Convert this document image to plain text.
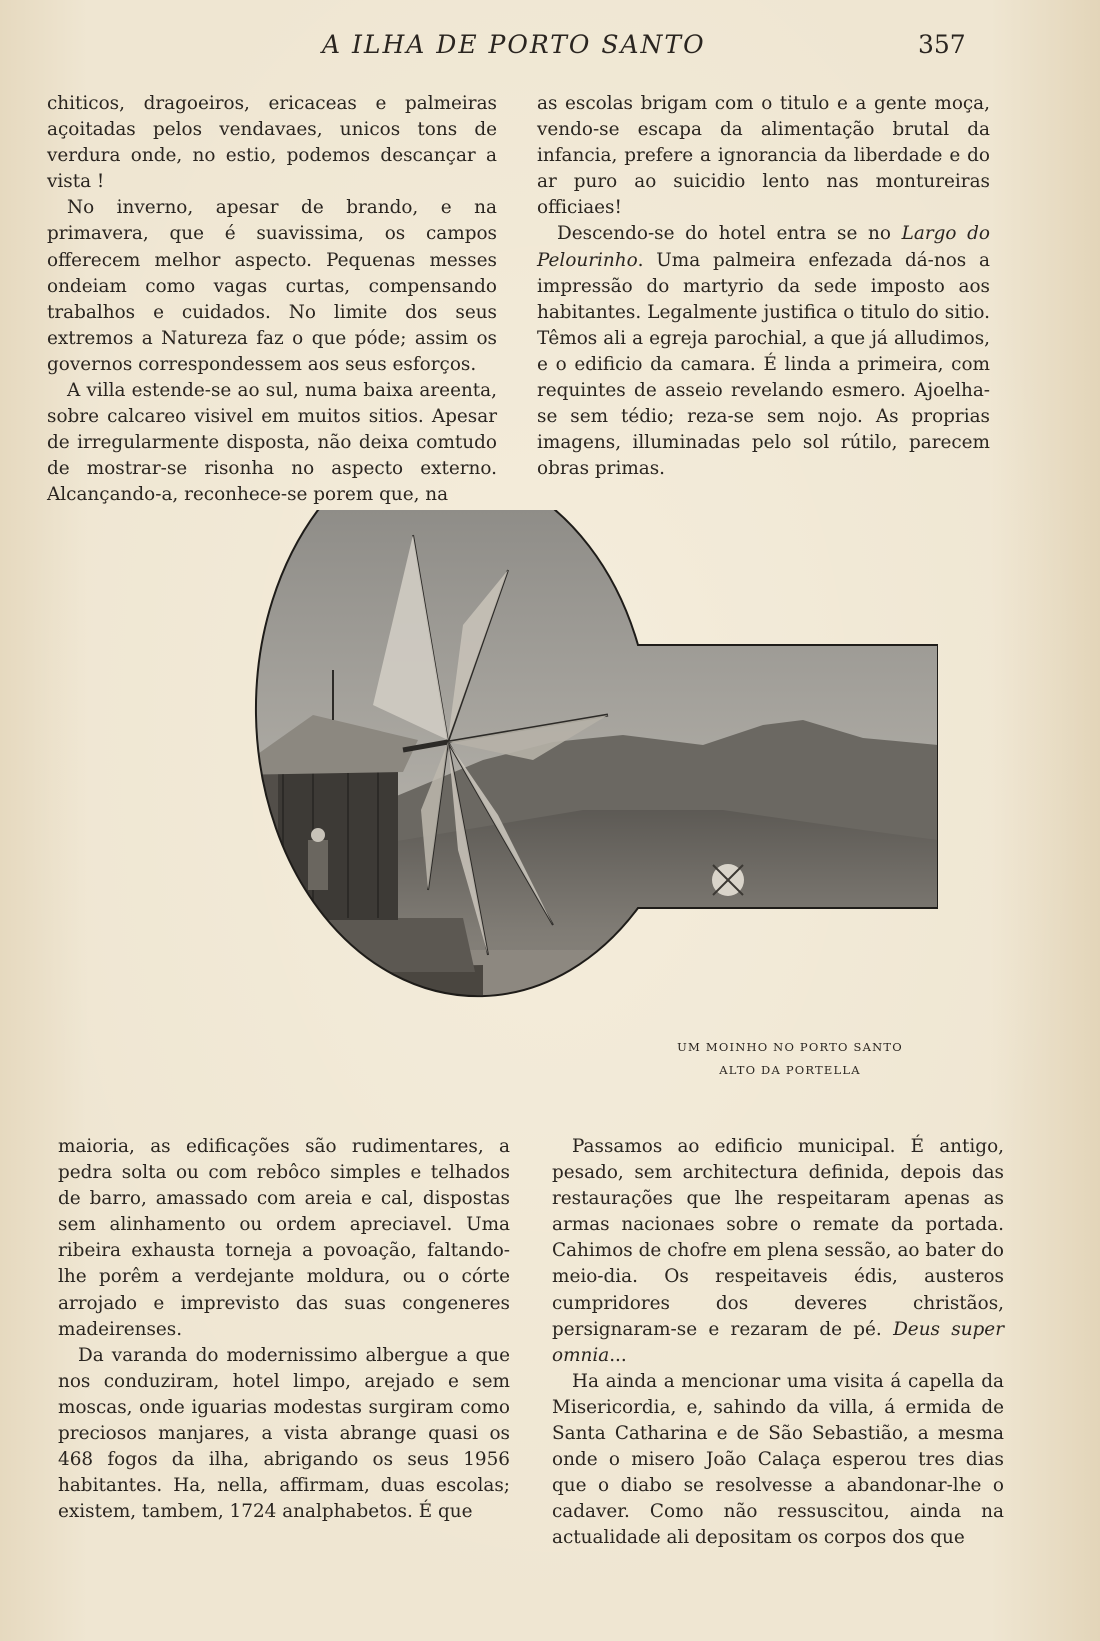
A ILHA DE PORTO SANTO	357

chiticos, dragoeiros, ericaceas e palmeiras açoitadas pelos vendavaes, unicos tons de verdura onde, no estio, podemos descançar a vista !

No inverno, apesar de brando, e na primavera, que é suavissima, os campos offerecem melhor aspecto. Pequenas messes ondeiam como vagas curtas, compensando trabalhos e cuidados. No limite dos seus extremos a Natureza faz o que póde; assim os governos correspondessem aos seus esforços.

A villa estende-se ao sul, numa baixa areenta, sobre calcareo visivel em muitos sitios. Apesar de irregularmente disposta, não deixa comtudo de mostrar-se risonha no aspecto externo. Alcançando-a, reconhece-se porem que, na

as escolas brigam com o titulo e a gente moça, vendo-se escapa da alimentação brutal da infancia, prefere a ignorancia da liberdade e do ar puro ao suicidio lento nas montureiras officiaes!

Descendo-se do hotel entra se no Largo do Pelourinho. Uma palmeira enfezada dá-nos a impressão do martyrio da sede imposto aos habitantes. Legalmente justifica o titulo do sitio. Têmos ali a egreja parochial, a que já alludimos, e o edificio da camara. É linda a primeira, com requintes de asseio revelando esmero. Ajoelha-se sem tédio; reza-se sem nojo. As proprias imagens, illuminadas pelo sol rútilo, parecem obras primas.

UM MOINHO NO PORTO SANTO
ALTO DA PORTELLA

maioria, as edificações são rudimentares, a pedra solta ou com rebôco simples e telhados de barro, amassado com areia e cal, dispostas sem alinhamento ou ordem apreciavel. Uma ribeira exhausta torneja a povoação, faltando-lhe porêm a verdejante moldura, ou o córte arrojado e imprevisto das suas congeneres madeirenses.

Da varanda do modernissimo albergue a que nos conduziram, hotel limpo, arejado e sem moscas, onde iguarias modestas surgiram como preciosos manjares, a vista abrange quasi os 468 fogos da ilha, abrigando os seus 1956 habitantes. Ha, nella, affirmam, duas escolas; existem, tambem, 1724 analphabetos. É que

Passamos ao edificio municipal. É antigo, pesado, sem architectura definida, depois das restaurações que lhe respeitaram apenas as armas nacionaes sobre o remate da portada. Cahimos de chofre em plena sessão, ao bater do meio-dia. Os respeitaveis édis, austeros cumpridores dos deveres christãos, persignaram-se e rezaram de pé. Deus super omnia...

Ha ainda a mencionar uma visita á capella da Misericordia, e, sahindo da villa, á ermida de Santa Catharina e de São Sebastião, a mesma onde o misero João Calaça esperou tres dias que o diabo se resolvesse a abandonar-lhe o cadaver. Como não ressuscitou, ainda na actualidade ali depositam os corpos dos que
